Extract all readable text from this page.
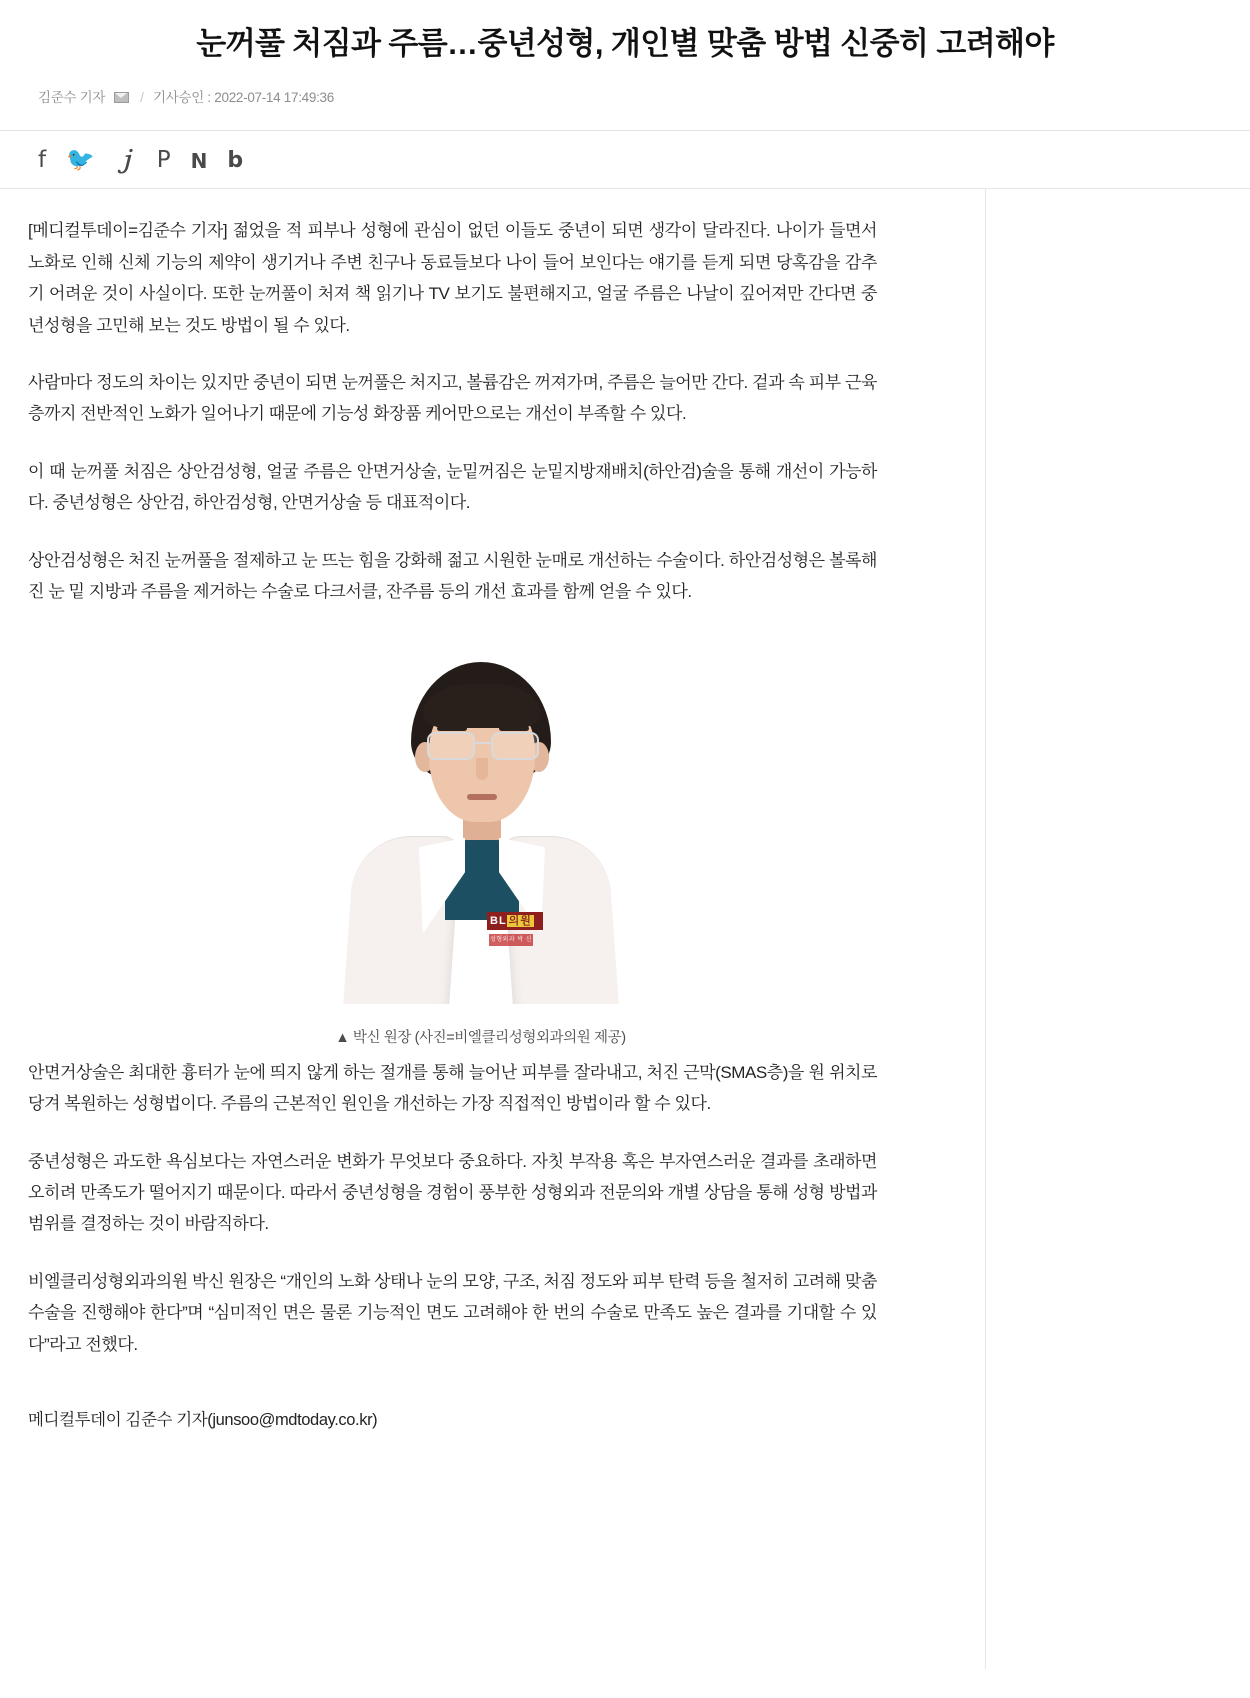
눈꺼풀 처짐과 주름…중년성형, 개인별 맞춤 방법 신중히 고려해야
김준수 기자	/ 기사승인 : 2022-07-14 17:49:36
f 🐦 ｊ P N b

[메디컬투데이=김준수 기자] 젊었을 적 피부나 성형에 관심이 없던 이들도 중년이 되면 생각이 달라진다. 나이가 들면서 노화로 인해 신체 기능의 제약이 생기거나 주변 친구나 동료들보다 나이 들어 보인다는 얘기를 듣게 되면 당혹감을 감추기 어려운 것이 사실이다. 또한 눈꺼풀이 처져 책 읽기나 TV 보기도 불편해지고, 얼굴 주름은 나날이 깊어져만 간다면 중년성형을 고민해 보는 것도 방법이 될 수 있다.

사람마다 정도의 차이는 있지만 중년이 되면 눈꺼풀은 처지고, 볼륨감은 꺼져가며, 주름은 늘어만 간다. 겉과 속 피부 근육층까지 전반적인 노화가 일어나기 때문에 기능성 화장품 케어만으로는 개선이 부족할 수 있다.

이 때 눈꺼풀 처짐은 상안검성형, 얼굴 주름은 안면거상술, 눈밑꺼짐은 눈밑지방재배치(하안검)술을 통해 개선이 가능하다. 중년성형은 상안검, 하안검성형, 안면거상술 등 대표적이다.

상안검성형은 처진 눈꺼풀을 절제하고 눈 뜨는 힘을 강화해 젊고 시원한 눈매로 개선하는 수술이다. 하안검성형은 볼록해진 눈 밑 지방과 주름을 제거하는 수술로 다크서클, 잔주름 등의 개선 효과를 함께 얻을 수 있다.

BL 의원
성형외과 박 신
▲ 박신 원장 (사진=비엘클리성형외과의원 제공)

안면거상술은 최대한 흉터가 눈에 띄지 않게 하는 절개를 통해 늘어난 피부를 잘라내고, 처진 근막(SMAS층)을 원 위치로 당겨 복원하는 성형법이다. 주름의 근본적인 원인을 개선하는 가장 직접적인 방법이라 할 수 있다.

중년성형은 과도한 욕심보다는 자연스러운 변화가 무엇보다 중요하다. 자칫 부작용 혹은 부자연스러운 결과를 초래하면 오히려 만족도가 떨어지기 때문이다. 따라서 중년성형을 경험이 풍부한 성형외과 전문의와 개별 상담을 통해 성형 방법과 범위를 결정하는 것이 바람직하다.

비엘클리성형외과의원 박신 원장은 “개인의 노화 상태나 눈의 모양, 구조, 처짐 정도와 피부 탄력 등을 철저히 고려해 맞춤 수술을 진행해야 한다”며 “심미적인 면은 물론 기능적인 면도 고려해야 한 번의 수술로 만족도 높은 결과를 기대할 수 있다”라고 전했다.

메디컬투데이 김준수 기자(junsoo@mdtoday.co.kr)
